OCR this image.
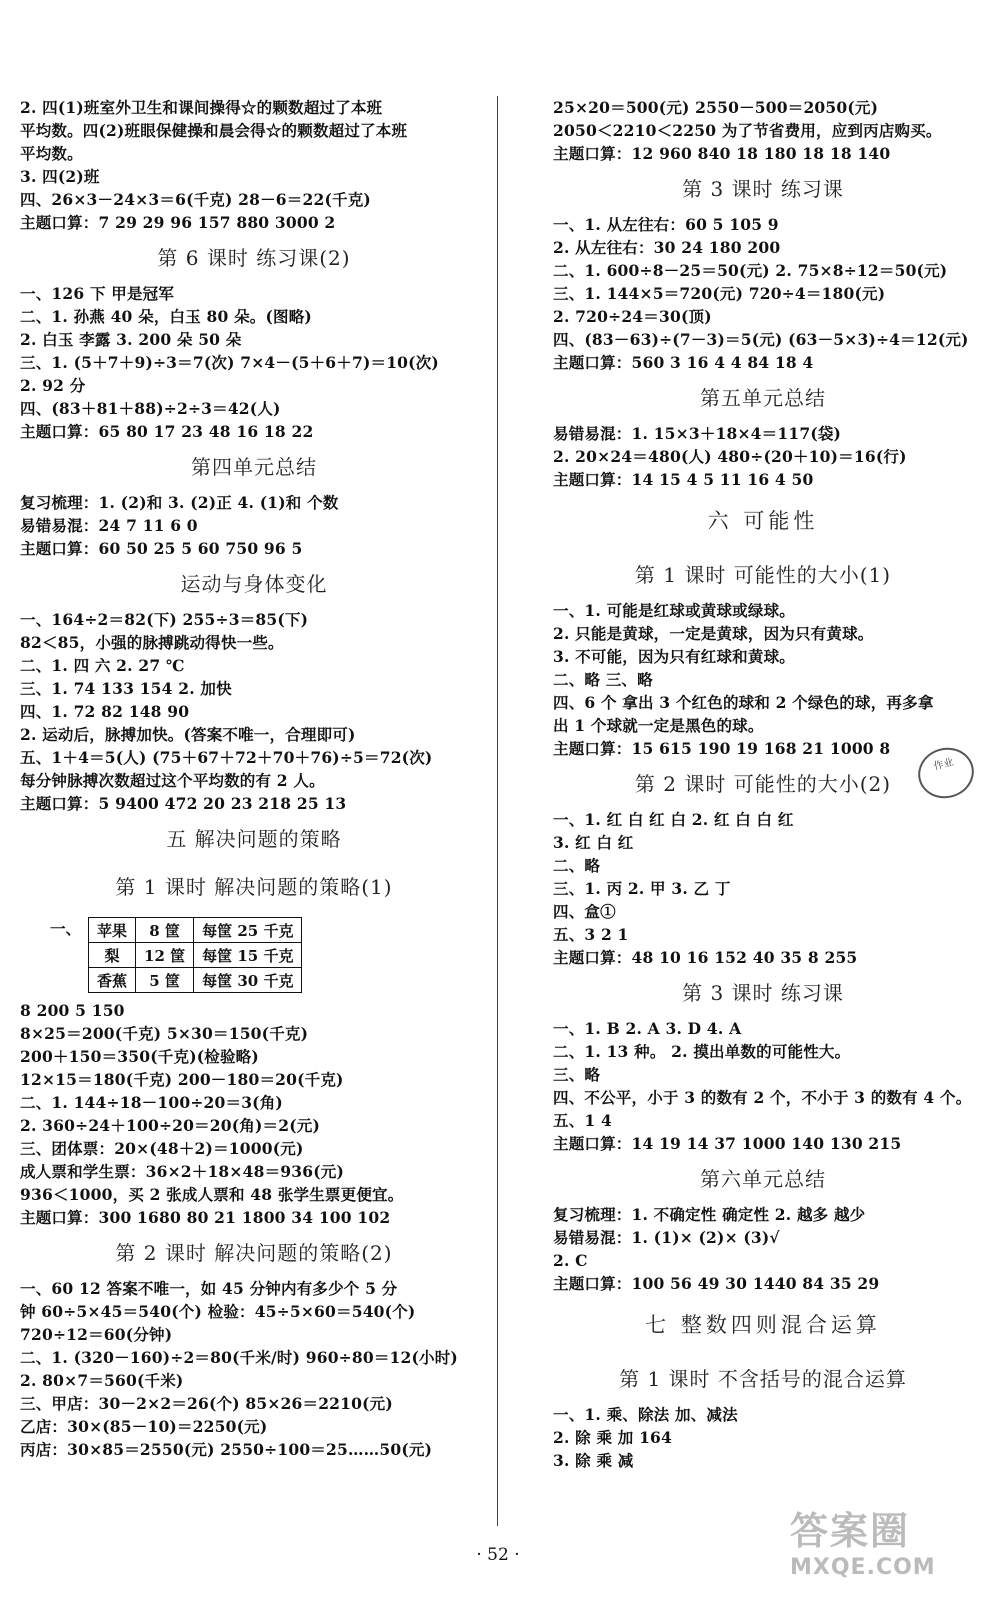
2. 四(1)班室外卫生和课间操得☆的颗数超过了本班
平均数。四(2)班眼保健操和晨会得☆的颗数超过了本班
平均数。
3. 四(2)班
四、26×3－24×3＝6(千克) 28－6＝22(千克)
主题口算：7 29 29 96 157 880 3000 2
第 6 课时 练习课(2)
一、126 下 甲是冠军
二、1. 孙燕 40 朵，白玉 80 朵。(图略)
2. 白玉 李露 3. 200 朵 50 朵
三、1. (5＋7＋9)÷3＝7(次) 7×4－(5＋6＋7)＝10(次)
2. 92 分
四、(83＋81＋88)÷2÷3＝42(人)
主题口算：65 80 17 23 48 16 18 22
第四单元总结
复习梳理：1. (2)和 3. (2)正 4. (1)和 个数
易错易混：24 7 11 6 0
主题口算：60 50 25 5 60 750 96 5
运动与身体变化
一、164÷2＝82(下) 255÷3＝85(下)
82＜85，小强的脉搏跳动得快一些。
二、1. 四 六 2. 27 ℃
三、1. 74 133 154 2. 加快
四、1. 72 82 148 90
2. 运动后，脉搏加快。(答案不唯一，合理即可)
五、1＋4＝5(人) (75＋67＋72＋70＋76)÷5＝72(次)
每分钟脉搏次数超过这个平均数的有 2 人。
主题口算：5 9400 472 20 23 218 25 13
五 解决问题的策略
第 1 课时 解决问题的策略(1)
一、 苹果	8 筐	每筐 25 千克
梨	12 筐	每筐 15 千克
香蕉	5 筐	每筐 30 千克
8 200 5 150
8×25＝200(千克) 5×30＝150(千克)
200＋150＝350(千克)(检验略)
12×15＝180(千克) 200－180＝20(千克)
二、1. 144÷18－100÷20＝3(角)
2. 360÷24＋100÷20＝20(角)＝2(元)
三、团体票：20×(48＋2)＝1000(元)
成人票和学生票：36×2＋18×48＝936(元)
936＜1000，买 2 张成人票和 48 张学生票更便宜。
主题口算：300 1680 80 21 1800 34 100 102
第 2 课时 解决问题的策略(2)
一、60 12 答案不唯一，如 45 分钟内有多少个 5 分
钟 60÷5×45＝540(个) 检验：45÷5×60＝540(个)
720÷12＝60(分钟)
二、1. (320－160)÷2＝80(千米/时) 960÷80＝12(小时)
2. 80×7＝560(千米)
三、甲店：30－2×2＝26(个) 85×26＝2210(元)
乙店：30×(85－10)＝2250(元)
丙店：30×85＝2550(元) 2550÷100＝25……50(元)
25×20＝500(元) 2550－500＝2050(元)
2050＜2210＜2250 为了节省费用，应到丙店购买。
主题口算：12 960 840 18 180 18 18 140
第 3 课时 练习课
一、1. 从左往右：60 5 105 9
2. 从左往右：30 24 180 200
二、1. 600÷8－25＝50(元) 2. 75×8÷12＝50(元)
三、1. 144×5＝720(元) 720÷4＝180(元)
2. 720÷24＝30(顶)
四、(83－63)÷(7－3)＝5(元) (63－5×3)÷4＝12(元)
主题口算：560 3 16 4 4 84 18 4
第五单元总结
易错易混：1. 15×3＋18×4＝117(袋)
2. 20×24＝480(人) 480÷(20＋10)＝16(行)
主题口算：14 15 4 5 11 16 4 50
六 可能性
第 1 课时 可能性的大小(1)
一、1. 可能是红球或黄球或绿球。
2. 只能是黄球，一定是黄球，因为只有黄球。
3. 不可能，因为只有红球和黄球。
二、略 三、略
四、6 个 拿出 3 个红色的球和 2 个绿色的球，再多拿
出 1 个球就一定是黑色的球。
主题口算：15 615 190 19 168 21 1000 8
第 2 课时 可能性的大小(2)
一、1. 红 白 红 白 2. 红 白 白 红
3. 红 白 红
二、略
三、1. 丙 2. 甲 3. 乙 丁
四、盒①
五、3 2 1
主题口算：48 10 16 152 40 35 8 255
第 3 课时 练习课
一、1. B 2. A 3. D 4. A
二、1. 13 种。 2. 摸出单数的可能性大。
三、略
四、不公平，小于 3 的数有 2 个，不小于 3 的数有 4 个。
五、1 4
主题口算：14 19 14 37 1000 140 130 215
第六单元总结
复习梳理：1. 不确定性 确定性 2. 越多 越少
易错易混：1. (1)× (2)× (3)√
2. C
主题口算：100 56 49 30 1440 84 35 29
七 整数四则混合运算
第 1 课时 不含括号的混合运算
一、1. 乘、除法 加、减法
2. 除 乘 加 164
3. 除 乘 减
作业
· 52 ·
答案圈
MXQE.COM
